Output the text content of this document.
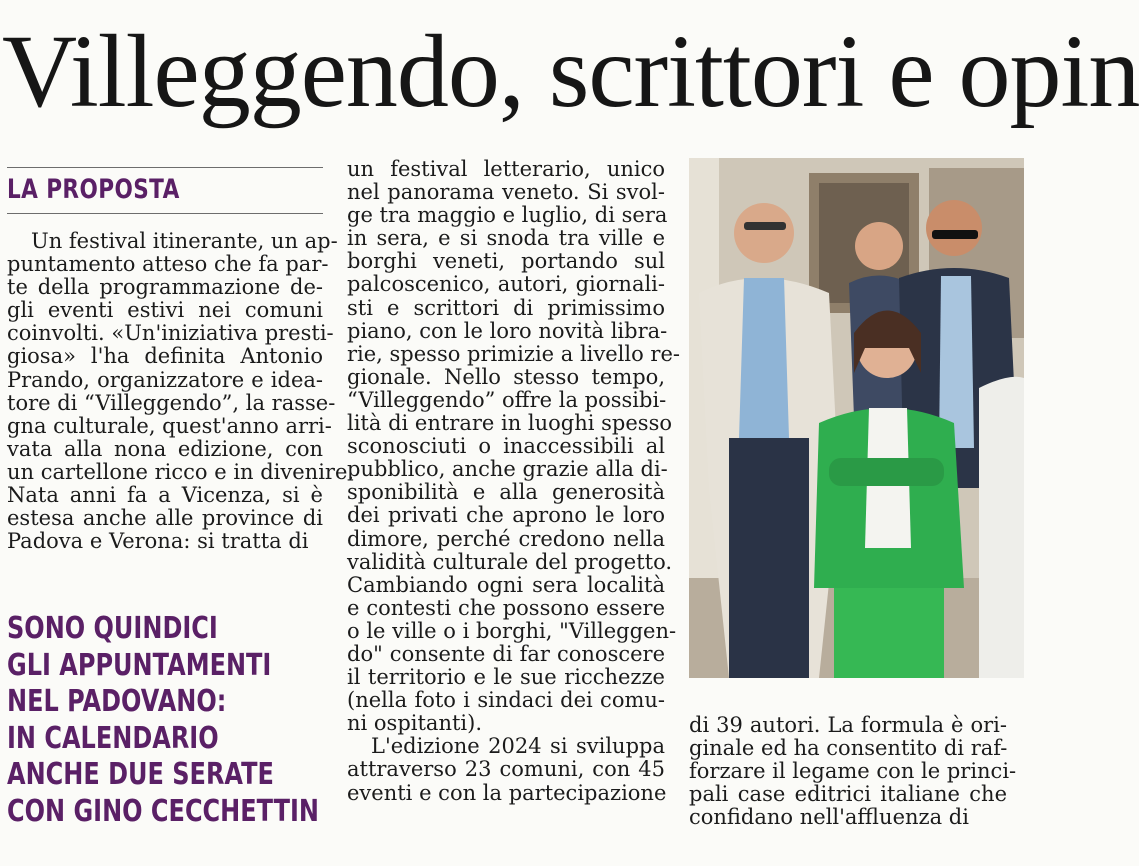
Villeggendo, scrittori e opin
LA PROPOSTA
Un festival itinerante, un ap-
puntamento atteso che fa par-
te della programmazione de-
gli eventi estivi nei comuni
coinvolti. «Un'iniziativa presti-
giosa» l'ha definita Antonio
Prando, organizzatore e idea-
tore di “Villeggendo”, la rasse-
gna culturale, quest'anno arri-
vata alla nona edizione, con
un cartellone ricco e in divenire.
Nata anni fa a Vicenza, si è
estesa anche alle province di
Padova e Verona: si tratta di
SONO QUINDICI
GLI APPUNTAMENTI
NEL PADOVANO:
IN CALENDARIO
ANCHE DUE SERATE
CON GINO CECCHETTIN
un festival letterario, unico
nel panorama veneto. Si svol-
ge tra maggio e luglio, di sera
in sera, e si snoda tra ville e
borghi veneti, portando sul
palcoscenico, autori, giornali-
sti e scrittori di primissimo
piano, con le loro novità libra-
rie, spesso primizie a livello re-
gionale. Nello stesso tempo,
“Villeggendo” offre la possibi-
lità di entrare in luoghi spesso
sconosciuti o inaccessibili al
pubblico, anche grazie alla di-
sponibilità e alla generosità
dei privati che aprono le loro
dimore, perché credono nella
validità culturale del progetto.
Cambiando ogni sera località
e contesti che possono essere
o le ville o i borghi, "Villeggen-
do" consente di far conoscere
il territorio e le sue ricchezze
(nella foto i sindaci dei comu-
ni ospitanti).
L'edizione 2024 si sviluppa
attraverso 23 comuni, con 45
eventi e con la partecipazione
di 39 autori. La formula è ori-
ginale ed ha consentito di raf-
forzare il legame con le princi-
pali case editrici italiane che
confidano nell'affluenza di
